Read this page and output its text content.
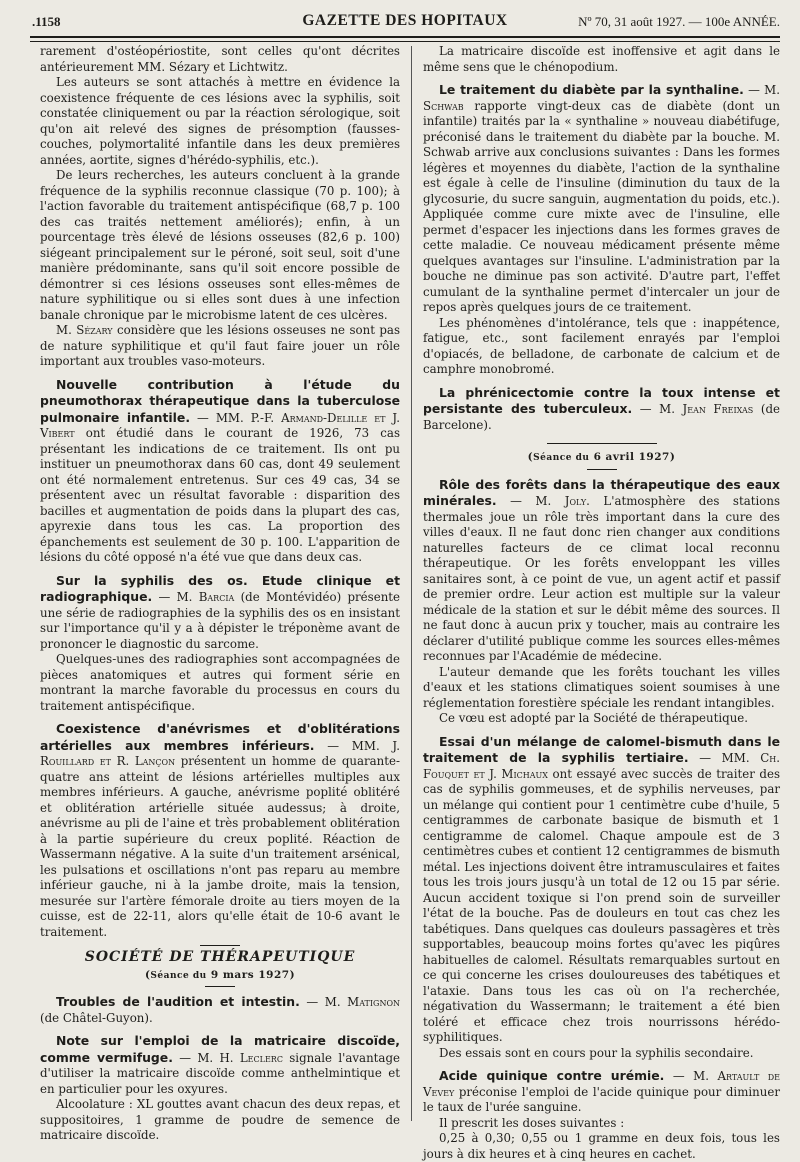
.1158	GAZETTE DES HOPITAUX	Nº 70, 31 août 1927. — 100e ANNÉE.

rarement d'ostéopériostite, sont celles qu'ont décrites antérieurement MM. Sézary et Lichtwitz.

Les auteurs se sont attachés à mettre en évidence la coexistence fréquente de ces lésions avec la syphilis, soit constatée cliniquement ou par la réaction sérologique, soit qu'on ait relevé des signes de présomption (fausses-couches, polymortalité infantile dans les deux premières années, aortite, signes d'hérédo-syphilis, etc.).

De leurs recherches, les auteurs concluent à la grande fréquence de la syphilis reconnue classique (70 p. 100); à l'action favorable du traitement antispécifique (68,7 p. 100 des cas traités nettement améliorés); enfin, à un pourcentage très élevé de lésions osseuses (82,6 p. 100) siégeant principalement sur le péroné, soit seul, soit d'une manière prédominante, sans qu'il soit encore possible de démontrer si ces lésions osseuses sont elles-mêmes de nature syphilitique ou si elles sont dues à une infection banale chronique par le microbisme latent de ces ulcères.

M. Sézary considère que les lésions osseuses ne sont pas de nature syphilitique et qu'il faut faire jouer un rôle important aux troubles vaso-moteurs.

Nouvelle contribution à l'étude du pneumothorax thérapeutique dans la tuberculose pulmonaire infantile. — MM. P.-F. Armand-Delille et J. Vibert ont étudié dans le courant de 1926, 73 cas présentant les indications de ce traitement. Ils ont pu instituer un pneumothorax dans 60 cas, dont 49 seulement ont été normalement entretenus. Sur ces 49 cas, 34 se présentent avec un résultat favorable : disparition des bacilles et augmentation de poids dans la plupart des cas, apyrexie dans tous les cas. La proportion des épanchements est seulement de 30 p. 100. L'apparition de lésions du côté opposé n'a été vue que dans deux cas.

Sur la syphilis des os. Etude clinique et radiographique. — M. Barcia (de Montévidéo) présente une série de radiographies de la syphilis des os en insistant sur l'importance qu'il y a à dépister le tréponème avant de prononcer le diagnostic du sarcome.

Quelques-unes des radiographies sont accompagnées de pièces anatomiques et autres qui forment série en montrant la marche favorable du processus en cours du traitement antispécifique.

Coexistence d'anévrismes et d'oblitérations artérielles aux membres inférieurs. — MM. J. Rouillard et R. Lançon présentent un homme de quarante-quatre ans atteint de lésions artérielles multiples aux membres inférieurs. A gauche, anévrisme poplité oblitéré et oblitération artérielle située audessus; à droite, anévrisme au pli de l'aine et très probablement oblitération à la partie supérieure du creux poplité. Réaction de Wassermann négative. A la suite d'un traitement arsénical, les pulsations et oscillations n'ont pas reparu au membre inférieur gauche, ni à la jambe droite, mais la tension, mesurée sur l'artère fémorale droite au tiers moyen de la cuisse, est de 22-11, alors qu'elle était de 10-6 avant le traitement.

SOCIÉTÉ DE THÉRAPEUTIQUE

(Séance du 9 mars 1927)

Troubles de l'audition et intestin. — M. Matignon (de Châtel-Guyon).

Note sur l'emploi de la matricaire discoïde, comme vermifuge. — M. H. Leclerc signale l'avantage d'utiliser la matricaire discoïde comme anthelmintique et en particulier pour les oxyures.

Alcoolature : XL gouttes avant chacun des deux repas, et suppositoires, 1 gramme de poudre de semence de matricaire discoïde.

La matricaire discoïde est inoffensive et agit dans le même sens que le chénopodium.

Le traitement du diabète par la synthaline. — M. Schwab rapporte vingt-deux cas de diabète (dont un infantile) traités par la « synthaline » nouveau diabétifuge, préconisé dans le traitement du diabète par la bouche. M. Schwab arrive aux conclusions suivantes : Dans les formes légères et moyennes du diabète, l'action de la synthaline est égale à celle de l'insuline (diminution du taux de la glycosurie, du sucre sanguin, augmentation du poids, etc.). Appliquée comme cure mixte avec de l'insuline, elle permet d'espacer les injections dans les formes graves de cette maladie. Ce nouveau médicament présente même quelques avantages sur l'insuline. L'administration par la bouche ne diminue pas son activité. D'autre part, l'effet cumulant de la synthaline permet d'intercaler un jour de repos après quelques jours de ce traitement.

Les phénomènes d'intolérance, tels que : inappétence, fatigue, etc., sont facilement enrayés par l'emploi d'opiacés, de belladone, de carbonate de calcium et de camphre monobromé.

La phrénicectomie contre la toux intense et persistante des tuberculeux. — M. Jean Freixas (de Barcelone).

(Séance du 6 avril 1927)

Rôle des forêts dans la thérapeutique des eaux minérales. — M. Joly. L'atmosphère des stations thermales joue un rôle très important dans la cure des villes d'eaux. Il ne faut donc rien changer aux conditions naturelles facteurs de ce climat local reconnu thérapeutique. Or les forêts enveloppant les villes sanitaires sont, à ce point de vue, un agent actif et passif de premier ordre. Leur action est multiple sur la valeur médicale de la station et sur le débit même des sources. Il ne faut donc à aucun prix y toucher, mais au contraire les déclarer d'utilité publique comme les sources elles-mêmes reconnues par l'Académie de médecine.

L'auteur demande que les forêts touchant les villes d'eaux et les stations climatiques soient soumises à une réglementation forestière spéciale les rendant intangibles.

Ce vœu est adopté par la Société de thérapeutique.

Essai d'un mélange de calomel-bismuth dans le traitement de la syphilis tertiaire. — MM. Ch. Fouquet et J. Michaux ont essayé avec succès de traiter des cas de syphilis gommeuses, et de syphilis nerveuses, par un mélange qui contient pour 1 centimètre cube d'huile, 5 centigrammes de carbonate basique de bismuth et 1 centigramme de calomel. Chaque ampoule est de 3 centimètres cubes et contient 12 centigrammes de bismuth métal. Les injections doivent être intramusculaires et faites tous les trois jours jusqu'à un total de 12 ou 15 par série. Aucun accident toxique si l'on prend soin de surveiller l'état de la bouche. Pas de douleurs en tout cas chez les tabétiques. Dans quelques cas douleurs passagères et très supportables, beaucoup moins fortes qu'avec les piqûres habituelles de calomel. Résultats remarquables surtout en ce qui concerne les crises douloureuses des tabétiques et l'ataxie. Dans tous les cas où on l'a recherchée, négativation du Wassermann; le traitement a été bien toléré et efficace chez trois nourrissons hérédo-syphilitiques.

Des essais sont en cours pour la syphilis secondaire.

Acide quinique contre urémie. — M. Artault de Vevey préconise l'emploi de l'acide quinique pour diminuer le taux de l'urée sanguine.

Il prescrit les doses suivantes :

0,25 à 0,30; 0,55 ou 1 gramme en deux fois, tous les jours à dix heures et à cinq heures en cachet.
